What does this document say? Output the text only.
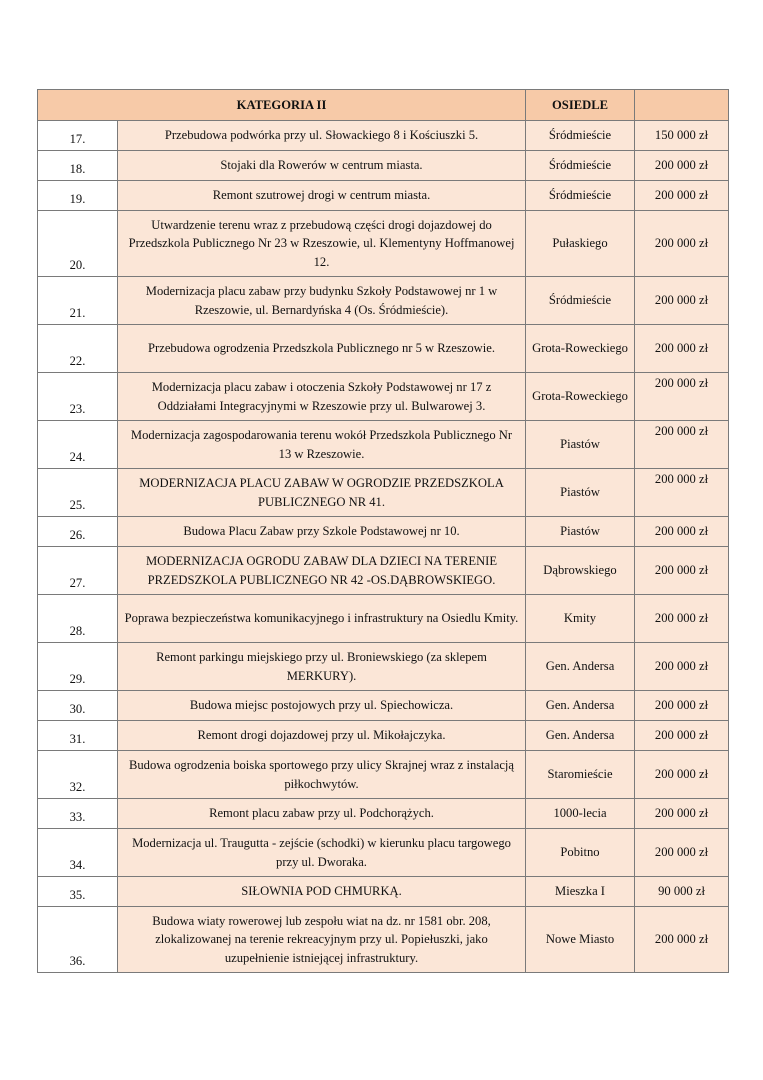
KATEGORIA II		OSIEDLE	
17.	Przebudowa podwórka przy ul. Słowackiego 8 i Kościuszki 5.	Śródmieście	150 000 zł
18.	Stojaki dla Rowerów w centrum miasta.	Śródmieście	200 000 zł
19.	Remont szutrowej drogi w centrum miasta.	Śródmieście	200 000 zł
20.	Utwardzenie terenu wraz z przebudową części drogi dojazdowej do Przedszkola Publicznego Nr 23 w Rzeszowie, ul. Klementyny Hoffmanowej 12.	Pułaskiego	200 000 zł
21.	Modernizacja placu zabaw przy budynku Szkoły Podstawowej nr 1 w Rzeszowie, ul. Bernardyńska 4 (Os. Śródmieście).	Śródmieście	200 000 zł
22.	Przebudowa ogrodzenia Przedszkola Publicznego nr 5 w Rzeszowie.	Grota-Roweckiego	200 000 zł
23.	Modernizacja placu zabaw i otoczenia Szkoły Podstawowej nr 17 z Oddziałami Integracyjnymi w Rzeszowie przy ul. Bulwarowej 3.	Grota-Roweckiego	200 000 zł
24.	Modernizacja zagospodarowania terenu wokół Przedszkola Publicznego Nr 13 w Rzeszowie.	Piastów	200 000 zł
25.	MODERNIZACJA PLACU ZABAW W OGRODZIE PRZEDSZKOLA PUBLICZNEGO NR 41.	Piastów	200 000 zł
26.	Budowa Placu Zabaw przy Szkole Podstawowej nr 10.	Piastów	200 000 zł
27.	MODERNIZACJA OGRODU ZABAW DLA DZIECI NA TERENIE PRZEDSZKOLA PUBLICZNEGO NR 42 -OS.DĄBROWSKIEGO.	Dąbrowskiego	200 000 zł
28.	Poprawa bezpieczeństwa komunikacyjnego i infrastruktury na Osiedlu Kmity.	Kmity	200 000 zł
29.	Remont parkingu miejskiego przy ul. Broniewskiego (za sklepem MERKURY).	Gen. Andersa	200 000 zł
30.	Budowa miejsc postojowych przy ul. Spiechowicza.	Gen. Andersa	200 000 zł
31.	Remont drogi dojazdowej przy ul. Mikołajczyka.	Gen. Andersa	200 000 zł
32.	Budowa ogrodzenia boiska sportowego przy ulicy Skrajnej wraz z instalacją piłkochwytów.	Staromieście	200 000 zł
33.	Remont placu zabaw przy ul. Podchorążych.	1000-lecia	200 000 zł
34.	Modernizacja ul. Traugutta - zejście (schodki) w kierunku placu targowego przy ul. Dworaka.	Pobitno	200 000 zł
35.	SIŁOWNIA POD CHMURKĄ.	Mieszka I	90 000 zł
36.	Budowa wiaty rowerowej lub zespołu wiat na dz. nr 1581 obr. 208, zlokalizowanej na terenie rekreacyjnym przy ul. Popiełuszki, jako uzupełnienie istniejącej infrastruktury.	Nowe Miasto	200 000 zł
